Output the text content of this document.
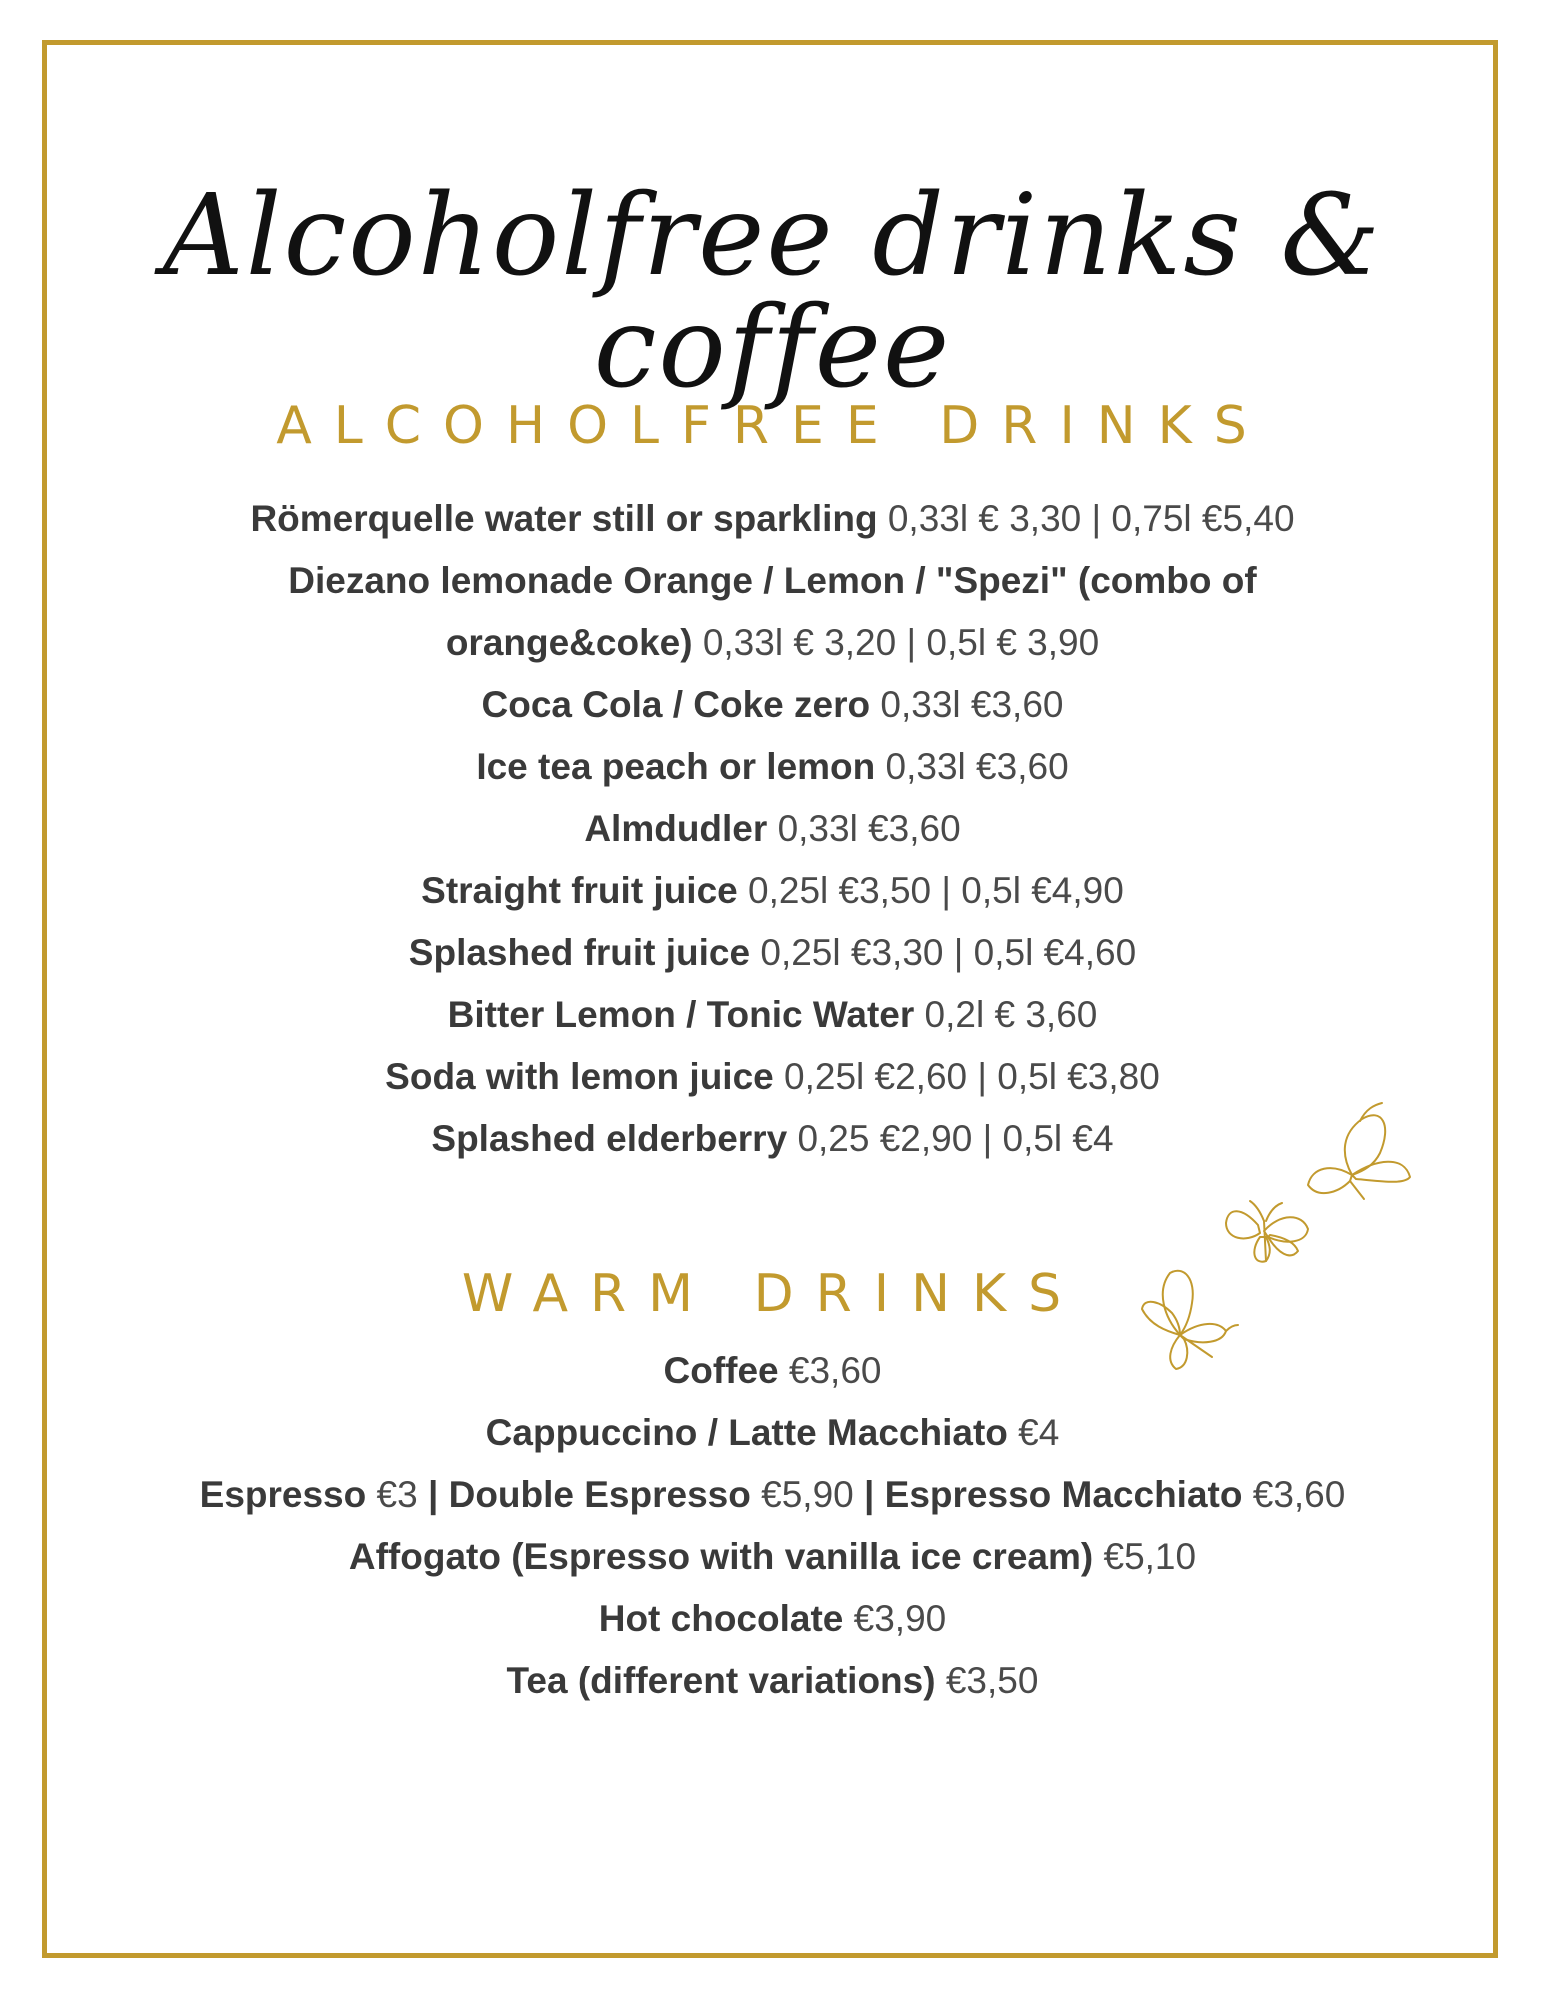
Alcoholfree drinks & coffee
ALCOHOLFREE DRINKS
Römerquelle water still or sparkling 0,33l € 3,30 | 0,75l €5,40
Diezano lemonade Orange / Lemon / "Spezi" (combo of orange&coke) 0,33l € 3,20 | 0,5l € 3,90
Coca Cola / Coke zero 0,33l €3,60
Ice tea peach or lemon 0,33l €3,60
Almdudler 0,33l €3,60
Straight fruit juice 0,25l €3,50 | 0,5l €4,90
Splashed fruit juice 0,25l €3,30 | 0,5l €4,60
Bitter Lemon / Tonic Water 0,2l € 3,60
Soda with lemon juice 0,25l €2,60 | 0,5l €3,80
Splashed elderberry 0,25 €2,90 | 0,5l €4
WARM DRINKS
Coffee €3,60
Cappuccino / Latte Macchiato €4
Espresso €3 | Double Espresso €5,90 | Espresso Macchiato €3,60
Affogato (Espresso with vanilla ice cream) €5,10
Hot chocolate €3,90
Tea (different variations) €3,50
